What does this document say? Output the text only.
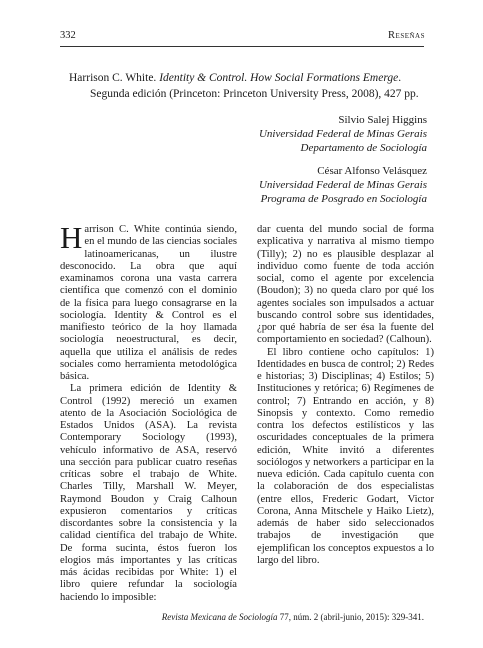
332	Reseñas
Harrison C. White. Identity & Control. How Social Formations Emerge.
Segunda edición (Princeton: Princeton University Press, 2008), 427 pp.
Silvio Salej Higgins
Universidad Federal de Minas Gerais
Departamento de Sociología
César Alfonso Velásquez
Universidad Federal de Minas Gerais
Programa de Posgrado en Sociología

Harrison C. White continúa siendo, en el mundo de las ciencias sociales latinoamericanas, un ilustre desconocido. La obra que aquí examinamos corona una vasta carrera científica que comenzó con el dominio de la física para luego consagrarse en la sociología. Identity & Control es el manifiesto teórico de la hoy llamada sociología neoestructural, es decir, aquella que utiliza el análisis de redes sociales como herramienta metodológica básica.

La primera edición de Identity & Control (1992) mereció un examen atento de la Asociación Sociológica de Estados Unidos (ASA). La revista Contemporary Sociology (1993), vehículo informativo de ASA, reservó una sección para publicar cuatro reseñas críticas sobre el trabajo de White. Charles Tilly, Marshall W. Meyer, Raymond Boudon y Craig Calhoun expusieron comentarios y críticas discordantes sobre la consistencia y la calidad científica del trabajo de White. De forma sucinta, éstos fueron los elogios más importantes y las críticas más ácidas recibidas por White: 1) el libro quiere refundar la sociología haciendo lo imposible:

dar cuenta del mundo social de forma explicativa y narrativa al mismo tiempo (Tilly); 2) no es plausible desplazar al individuo como fuente de toda acción social, como el agente por excelencia (Boudon); 3) no queda claro por qué los agentes sociales son impulsados a actuar buscando control sobre sus identidades, ¿por qué habría de ser ésa la fuente del comportamiento en sociedad? (Calhoun).

El libro contiene ocho capítulos: 1) Identidades en busca de control; 2) Redes e historias; 3) Disciplinas; 4) Estilos; 5) Instituciones y retórica; 6) Regímenes de control; 7) Entrando en acción, y 8) Sinopsis y contexto. Como remedio contra los defectos estilísticos y las oscuridades conceptuales de la primera edición, White invitó a diferentes sociólogos y networkers a participar en la nueva edición. Cada capítulo cuenta con la colaboración de dos especialistas (entre ellos, Frederic Godart, Victor Corona, Anna Mitschele y Haiko Lietz), además de haber sido seleccionados trabajos de investigación que ejemplifican los conceptos expuestos a lo largo del libro.

Revista Mexicana de Sociología 77, núm. 2 (abril-junio, 2015): 329-341.
